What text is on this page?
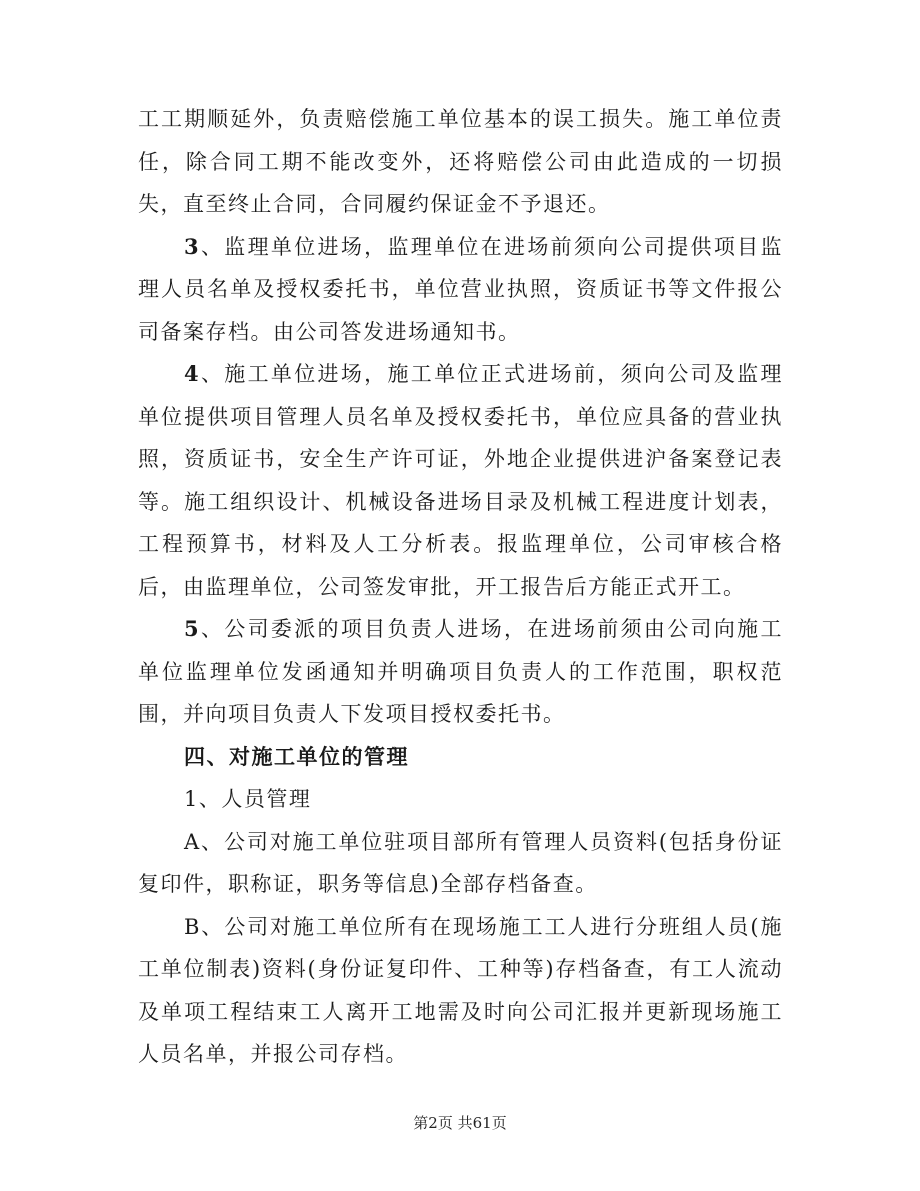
工工期顺延外，负责赔偿施工单位基本的误工损失。施工单位责任，除合同工期不能改变外，还将赔偿公司由此造成的一切损失，直至终止合同，合同履约保证金不予退还。

3、监理单位进场，监理单位在进场前须向公司提供项目监理人员名单及授权委托书，单位营业执照，资质证书等文件报公司备案存档。由公司答发进场通知书。

4、施工单位进场，施工单位正式进场前，须向公司及监理单位提供项目管理人员名单及授权委托书，单位应具备的营业执照，资质证书，安全生产许可证，外地企业提供进沪备案登记表等。施工组织设计、机械设备进场目录及机械工程进度计划表，工程预算书，材料及人工分析表。报监理单位，公司审核合格后，由监理单位，公司签发审批，开工报告后方能正式开工。

5、公司委派的项目负责人进场，在进场前须由公司向施工单位监理单位发函通知并明确项目负责人的工作范围，职权范围，并向项目负责人下发项目授权委托书。

四、对施工单位的管理

1、人员管理

A、公司对施工单位驻项目部所有管理人员资料(包括身份证复印件，职称证，职务等信息)全部存档备查。

B、公司对施工单位所有在现场施工工人进行分班组人员(施工单位制表)资料(身份证复印件、工种等)存档备查，有工人流动及单项工程结束工人离开工地需及时向公司汇报并更新现场施工人员名单，并报公司存档。

第2页 共61页
